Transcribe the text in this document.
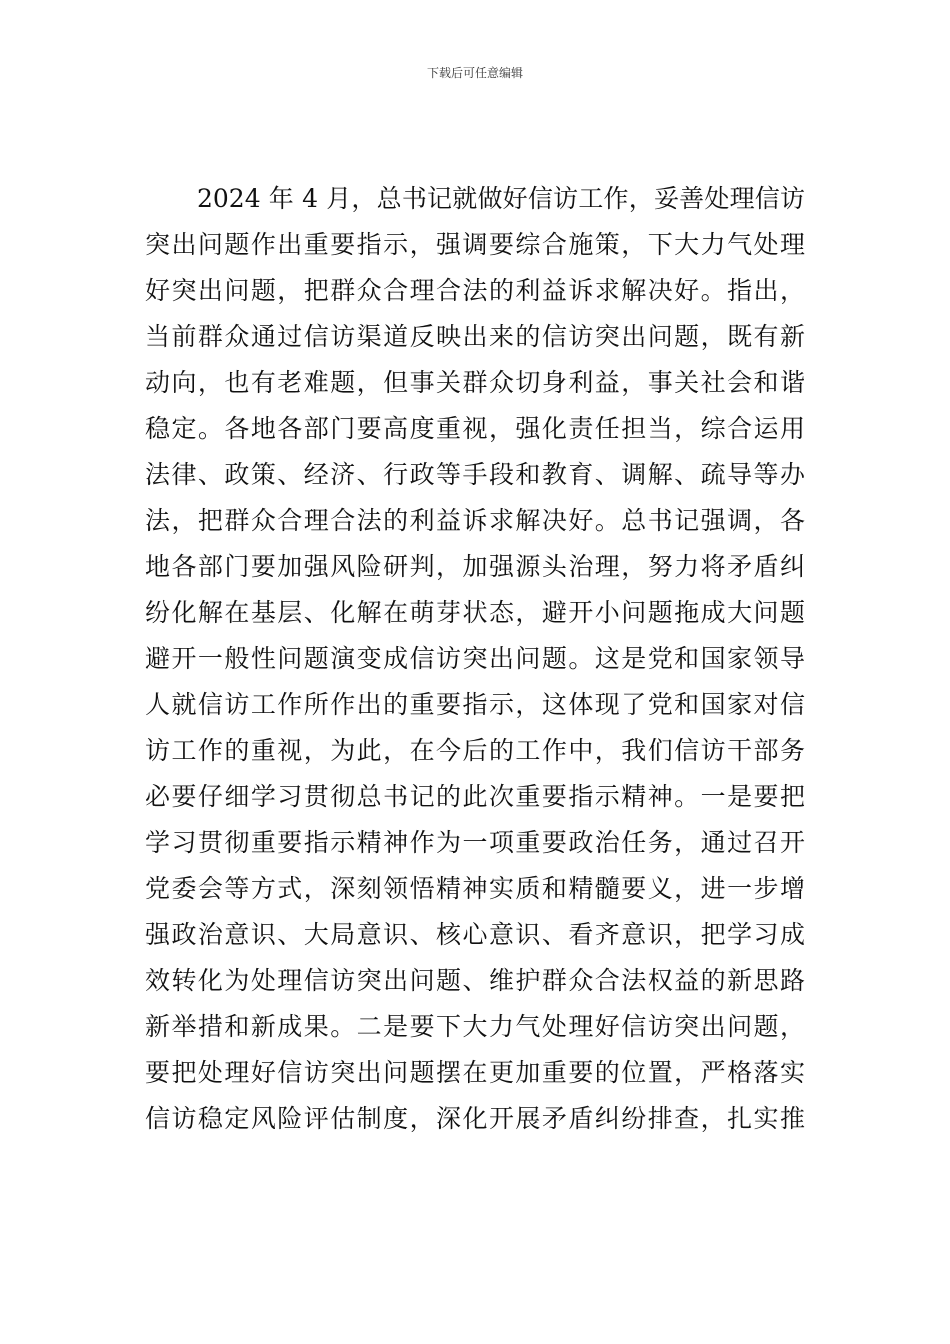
下载后可任意编辑
2024 年 4 月，总书记就做好信访工作，妥善处理信访
突出问题作出重要指示，强调要综合施策，下大力气处理
好突出问题，把群众合理合法的利益诉求解决好。指出，
当前群众通过信访渠道反映出来的信访突出问题，既有新
动向，也有老难题，但事关群众切身利益，事关社会和谐
稳定。各地各部门要高度重视，强化责任担当，综合运用
法律、政策、经济、行政等手段和教育、调解、疏导等办
法，把群众合理合法的利益诉求解决好。总书记强调，各
地各部门要加强风险研判，加强源头治理，努力将矛盾纠
纷化解在基层、化解在萌芽状态，避开小问题拖成大问题
避开一般性问题演变成信访突出问题。这是党和国家领导
人就信访工作所作出的重要指示，这体现了党和国家对信
访工作的重视，为此，在今后的工作中，我们信访干部务
必要仔细学习贯彻总书记的此次重要指示精神。一是要把
学习贯彻重要指示精神作为一项重要政治任务，通过召开
党委会等方式，深刻领悟精神实质和精髓要义，进一步增
强政治意识、大局意识、核心意识、看齐意识，把学习成
效转化为处理信访突出问题、维护群众合法权益的新思路
新举措和新成果。二是要下大力气处理好信访突出问题，
要把处理好信访突出问题摆在更加重要的位置，严格落实
信访稳定风险评估制度，深化开展矛盾纠纷排查，扎实推
